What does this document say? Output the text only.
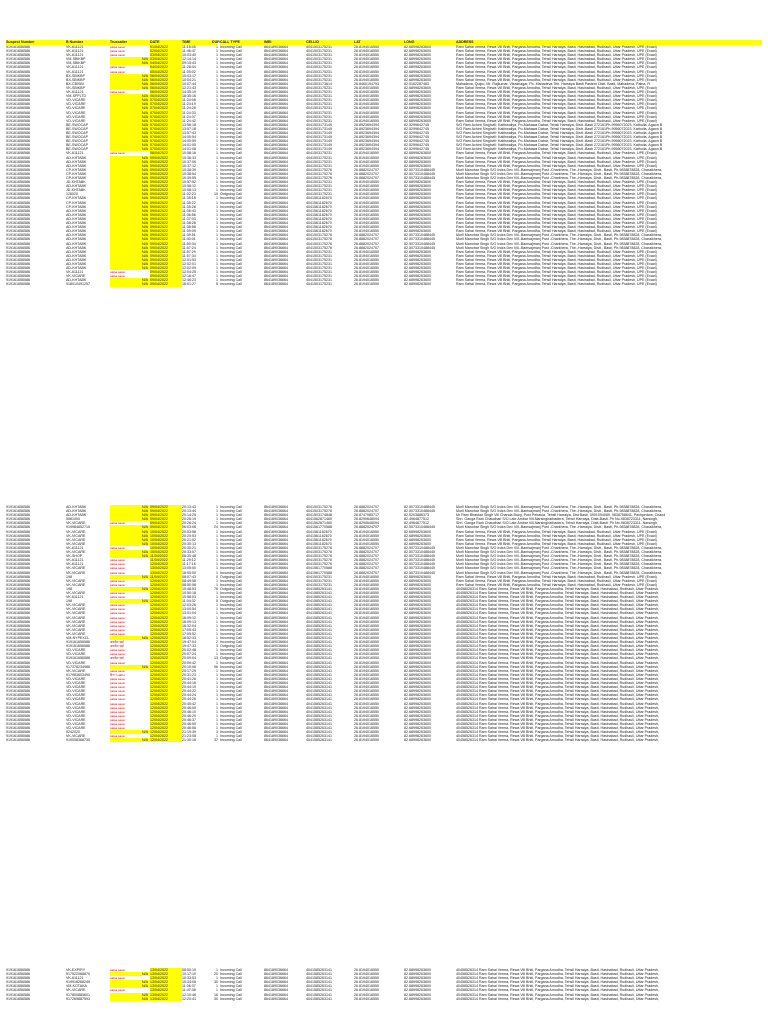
Suspect Number	B Number	Truecaller	DATE	TIME	DUR CALL TYPE	IMEI	CELLID	LAT	LONG	ADDRESS
919161656586	VK-611121	paisa saver	01/04/2022	11:18:05	1 Incoming Call	864189036664	4041503175231	26.8194016550	82.68998263600	Ram Sahai Verma, Rewa Vill Bhiti, Pargana Amodha, Tehsil Harraiya, Basti, Hasinabad, Rudhauli, Uttar Pradesh, UPE (Exact)
919161656586	VK-611121	paisa saver	02/04/2022	11:46:47	1 Incoming Call	864189036664	4041503175231	26.8194016550	82.68998263600	Ram Sahai Verma, Rewa Vill Bhiti, Pargana Amodha, Tehsil Harraiya, Basti, Hasinabad, Rudhauli, Uttar Pradesh, UPE (Exact)
919161656586	VK-611121	paisa saver	03/04/2022	10:03:40	1 Incoming Call	864189036664	4041503175231	26.8194016550	82.68998263600	Ram Sahai Verma, Rewa Vill Bhiti, Pargana Amodha, Tehsil Harraiya, Basti, Hasinabad, Rudhauli, Uttar Pradesh, UPE (Exact)
919161656586	VM-SBIKBP	N/A 03/04/2022	12:14:14	1 Incoming Call	864189036664	4041503175231	26.8194016550	82.68998263600	Ram Sahai Verma, Rewa Vill Bhiti, Pargana Amodha, Tehsil Harraiya, Basti, Hasinabad, Rudhauli, Uttar Pradesh, UPE (Exact)
919161656586	VM-SBIKBP	N/A 04/04/2022	09:15:43	1 Incoming Call	864189036664	4041503175231	26.8194016550	82.68998263600	Ram Sahai Verma, Rewa Vill Bhiti, Pargana Amodha, Tehsil Harraiya, Basti, Hasinabad, Rudhauli, Uttar Pradesh, UPE (Exact)
919161656586	VK-611121	paisa saver	04/04/2022	11:28:44	1 Incoming Call	864189036664	4041503175231	26.8194016550	82.68998263600	Ram Sahai Verma, Rewa Vill Bhiti, Pargana Amodha, Tehsil Harraiya, Basti, Hasinabad, Rudhauli, Uttar Pradesh, UPE (Exact)
919161656586	VK-611121	paisa saver	05/04/2022	11:05:02	1 Incoming Call	864189036664	4041503175231	26.8194016550	82.68998263600	Ram Sahai Verma, Rewa Vill Bhiti, Pargana Amodha, Tehsil Harraiya, Basti, Hasinabad, Rudhauli, Uttar Pradesh, UPE (Exact)
919161656586	BX-SBIKBP	N/A 06/04/2022	10:03:17	1 Incoming Call	864189036664	4041503175231	26.8194016550	82.68998263600	Ram Sahai Verma, Rewa Vill Bhiti, Pargana Amodha, Tehsil Harraiya, Basti, Hasinabad, Rudhauli, Uttar Pradesh, UPE (Exact)
919161656586	BX-SBIKBP	N/A 06/04/2022	10:04:21	1 Incoming Call	864189036664	4041503175231	26.8194016550	82.68998263600	Ram Sahai Verma, Rewa Vill Bhiti, Pargana Amodha, Tehsil Harraiya, Basti, Hasinabad, Rudhauli, Uttar Pradesh, UPE (Exact)
919161656586	BX-CBISBI	N/A 06/04/2022	10:07:44	1 Incoming Call	864189036664	4041503173614	26.8460194793	82.5162287483	Mahadeva, Quipo, Mr. Rajkumar, Vikasnagar, Po. Mahadeva Teh. Harraiya Basti Pastern Distt. Basti, Mahadeva, Patna, R
919161656586	VK-SBIKBP	N/A 06/04/2022	12:21:43	1 Incoming Call	864189036664	4041503175231	26.8194016550	82.68998263600	Ram Sahai Verma, Rewa Vill Bhiti, Pargana Amodha, Tehsil Harraiya, Basti, Hasinabad, Rudhauli, Uttar Pradesh, UPE (Exact)
919161656586	VK-611121	paisa saver	06/04/2022	14:35:19	1 Incoming Call	864189036664	4041503175231	26.8194016550	82.68998263600	Ram Sahai Verma, Rewa Vill Bhiti, Pargana Amodha, Tehsil Harraiya, Basti, Hasinabad, Rudhauli, Uttar Pradesh, UPE (Exact)
919161656586	VM-SFPLTD	N/A 06/04/2022	18:35:16	1 Incoming Call	864189036664	4041503175231	26.8194016550	82.68998263600	Ram Sahai Verma, Rewa Vill Bhiti, Pargana Amodha, Tehsil Harraiya, Basti, Hasinabad, Rudhauli, Uttar Pradesh, UPE (Exact)
919161656586	VD-VICARE	N/A 07/04/2022	11:24:08	1 Incoming Call	864189036664	4041503175231	26.8194016550	82.68998263600	Ram Sahai Verma, Rewa Vill Bhiti, Pargana Amodha, Tehsil Harraiya, Basti, Hasinabad, Rudhauli, Uttar Pradesh, UPE (Exact)
919161656586	VD-VICARE	N/A 07/04/2022	11:24:19	1 Incoming Call	864189036664	4041503175231	26.8194016550	82.68998263600	Ram Sahai Verma, Rewa Vill Bhiti, Pargana Amodha, Tehsil Harraiya, Basti, Hasinabad, Rudhauli, Uttar Pradesh, UPE (Exact)
919161656586	VD-VICARE	N/A 07/04/2022	11:24:28	1 Incoming Call	864189036664	4041503175231	26.8194016550	82.68998263600	Ram Sahai Verma, Rewa Vill Bhiti, Pargana Amodha, Tehsil Harraiya, Basti, Hasinabad, Rudhauli, Uttar Pradesh, UPE (Exact)
919161656586	VD-VICARE	N/A 07/04/2022	11:24:33	1 Incoming Call	864189036664	4041503175231	26.8194016550	82.68998263600	Ram Sahai Verma, Rewa Vill Bhiti, Pargana Amodha, Tehsil Harraiya, Basti, Hasinabad, Rudhauli, Uttar Pradesh, UPE (Exact)
919161656586	VD-VICARE	N/A 07/04/2022	11:24:37	1 Incoming Call	864189036664	4041503175231	26.8194016550	82.68998263600	Ram Sahai Verma, Rewa Vill Bhiti, Pargana Amodha, Tehsil Harraiya, Basti, Hasinabad, Rudhauli, Uttar Pradesh, UPE (Exact)
919161656586	VD-VICARE	N/A 07/04/2022	11:24:42	1 Incoming Call	864189036664	4041503175231	26.8194016550	82.68998263600	Ram Sahai Verma, Rewa Vill Bhiti, Pargana Amodha, Tehsil Harraiya, Basti, Hasinabad, Rudhauli, Uttar Pradesh, UPE (Exact)
919161656586	BE-SWOCAP	N/A 07/04/2022	13:56:18	1 Incoming Call	864189036664	4041503173149	26.8923694394	82.5299642745	S/O Ram Achint Singhvill: Kaithwaliya, Po-Mahawa Dabar, Tehsil Harraiya, Distt.-Basti 272161Ph-9956072023, Kathulia, Agaon B
919161656586	BE-SWOCAP	N/A 07/04/2022	13:57:18	1 Incoming Call	864189036664	4041503173149	26.8923694394	82.5299642745	S/O Ram Achint Singhvill: Kaithwaliya, Po-Mahawa Dabar, Tehsil Harraiya, Distt.-Basti 272161Ph-9956072023, Kathulia, Agaon B
919161656586	BE-SWOCAP	N/A 07/04/2022	13:57:43	1 Incoming Call	864189036664	4041503173149	26.8923694394	82.5299642745	S/O Ram Achint Singhvill: Kaithwaliya, Po-Mahawa Dabar, Tehsil Harraiya, Distt.-Basti 272161Ph-9956072023, Kathulia, Agaon B
919161656586	BE-SWOCAP	N/A 07/04/2022	14:00:54	1 Incoming Call	864189036664	4041503173149	26.8923694394	82.5299642745	S/O Ram Achint Singhvill: Kaithwaliya, Po-Mahawa Dabar, Tehsil Harraiya, Distt.-Basti 272161Ph-9956072023, Kathulia, Agaon B
919161656586	BE-SWOCAP	N/A 07/04/2022	14:00:59	1 Incoming Call	864189036664	4041503173149	26.8923694394	82.5299642745	S/O Ram Achint Singhvill: Kaithwaliya, Po-Mahawa Dabar, Tehsil Harraiya, Distt.-Basti 272161Ph-9956072023, Kathulia, Agaon B
919161656586	BE-SWOCAP	N/A 07/04/2022	14:01:05	1 Incoming Call	864189036664	4041503173149	26.8923694394	82.5299642745	S/O Ram Achint Singhvill: Kaithwaliya, Po-Mahawa Dabar, Tehsil Harraiya, Distt.-Basti 272161Ph-9956072023, Kathulia, Agaon B
919161656586	BE-SWOCAP	N/A 07/04/2022	14:01:08	1 Incoming Call	864189036664	4041503173149	26.8923694394	82.5299642745	S/O Ram Achint Singhvill: Kaithwaliya, Po-Mahawa Dabar, Tehsil Harraiya, Distt.-Basti 272161Ph-9956072023, Kathulia, Agaon B
919161656586	VK-611121	paisa saver	08/04/2022	10:58:16	1 Incoming Call	864189036664	4041503175231	26.8194016550	82.68998263600	Ram Sahai Verma, Rewa Vill Bhiti, Pargana Amodha, Tehsil Harraiya, Basti, Hasinabad, Rudhauli, Uttar Pradesh, UPE (Exact)
919161656586	AD-KHTABK	N/A 09/04/2022	10:36:33	1 Incoming Call	864189036664	4041503175231	26.8194016550	82.68998263600	Ram Sahai Verma, Rewa Vill Bhiti, Pargana Amodha, Tehsil Harraiya, Basti, Hasinabad, Rudhauli, Uttar Pradesh, UPE (Exact)
919161656586	AD-KHTABK	N/A 09/04/2022	10:37:06	1 Incoming Call	864189036664	4041503175231	26.8194016550	82.68998263600	Ram Sahai Verma, Rewa Vill Bhiti, Pargana Amodha, Tehsil Harraiya, Basti, Hasinabad, Rudhauli, Uttar Pradesh, UPE (Exact)
919161656586	AD-KHTABK	N/A 09/04/2022	10:37:12	1 Incoming Call	864189036664	4041503175231	26.8194016550	82.68998263600	Ram Sahai Verma, Rewa Vill Bhiti, Pargana Amodha, Tehsil Harraiya, Basti, Hasinabad, Rudhauli, Uttar Pradesh, UPE (Exact)
919161656586	CP-KHTABK	N/A 09/04/2022	10:38:39	1 Incoming Call	864189036664	4041503175276	26.8882024707	82.5073310488445	Murli Manohar Singh S/O Indra Dev Vill.-Bamsajmanj Post -Charkhera, The.-Harraiya, Distt., Basti, Ph-9838878828, Charaikhera,
919161656586	CP-KHTABK	N/A 09/04/2022	10:38:54	1 Incoming Call	864189036664	4041503175276	26.8882024707	82.5073310488445	Murli Manohar Singh S/O Indra Dev Vill.-Bamsajmanj Post -Charkhera, The.-Harraiya, Distt., Basti, Ph-9838878828, Charaikhera,
919161656586	CP-KHTABK	N/A 09/04/2022	10:39:55	1 Incoming Call	864189036664	4041503175276	26.8882024707	82.5073310488445	Murli Manohar Singh S/O Indra Dev Vill.-Bamsajmanj Post -Charkhera, The.-Harraiya, Distt., Basti, Ph-9838878828, Charaikhera,
919161656586	JD-KHTABK	N/A 09/04/2022	10:57:52	1 Incoming Call	864189036664	4041503175231	26.8194016550	82.68998263600	Ram Sahai Verma, Rewa Vill Bhiti, Pargana Amodha, Tehsil Harraiya, Basti, Hasinabad, Rudhauli, Uttar Pradesh, UPE (Exact)
919161656586	AD-KHTABK	N/A 09/04/2022	10:58:12	1 Incoming Call	864189036664	4041503175231	26.8194016550	82.68998263600	Ram Sahai Verma, Rewa Vill Bhiti, Pargana Amodha, Tehsil Harraiya, Basti, Hasinabad, Rudhauli, Uttar Pradesh, UPE (Exact)
919161656586	JD-KHTABK	N/A 09/04/2022	10:58:13	1 Incoming Call	864189036664	4041503175231	26.8194016550	82.68998263600	Ram Sahai Verma, Rewa Vill Bhiti, Pargana Amodha, Tehsil Harraiya, Basti, Hasinabad, Rudhauli, Uttar Pradesh, UPE (Exact)
919161656586	126020	N/A 09/04/2022	11:02:23	10 Outgoing Call	864189036664	4041503175231	26.8194016550	82.68998263600	Ram Sahai Verma, Rewa Vill Bhiti, Pargana Amodha, Tehsil Harraiya, Basti, Hasinabad, Rudhauli, Uttar Pradesh, UPE (Exact)
919161656586	CP-KHTABK	N/A 09/04/2022	11:35:18	1 Incoming Call	864189036664	4041561182670	26.8194016550	82.68998263600	Ram Sahai Verma, Rewa Vill Bhiti, Pargana Amodha, Tehsil Harraiya, Basti, Hasinabad, Rudhauli, Uttar Pradesh, UPE (Exact)
919161656586	CP-KHTABK	N/A 09/04/2022	11:35:22	1 Incoming Call	864189036664	4041561182670	26.8194016550	82.68998263600	Ram Sahai Verma, Rewa Vill Bhiti, Pargana Amodha, Tehsil Harraiya, Basti, Hasinabad, Rudhauli, Uttar Pradesh, UPE (Exact)
919161656586	CP-KHTABK	N/A 09/04/2022	11:35:28	1 Incoming Call	864189036664	4041561182670	26.8194016550	82.68998263600	Ram Sahai Verma, Rewa Vill Bhiti, Pargana Amodha, Tehsil Harraiya, Basti, Hasinabad, Rudhauli, Uttar Pradesh, UPE (Exact)
919161656586	AD-KHTABK	N/A 09/04/2022	11:36:43	1 Incoming Call	864189036664	4041561182670	26.8194016550	82.68998263600	Ram Sahai Verma, Rewa Vill Bhiti, Pargana Amodha, Tehsil Harraiya, Basti, Hasinabad, Rudhauli, Uttar Pradesh, UPE (Exact)
919161656586	AD-KHTABK	N/A 09/04/2022	11:36:56	1 Incoming Call	864189036664	4041561182670	26.8194016550	82.68998263600	Ram Sahai Verma, Rewa Vill Bhiti, Pargana Amodha, Tehsil Harraiya, Basti, Hasinabad, Rudhauli, Uttar Pradesh, UPE (Exact)
919161656586	AD-KHTABK	N/A 09/04/2022	11:37:03	1 Incoming Call	864189036664	4041561182670	26.8194016550	82.68998263600	Ram Sahai Verma, Rewa Vill Bhiti, Pargana Amodha, Tehsil Harraiya, Basti, Hasinabad, Rudhauli, Uttar Pradesh, UPE (Exact)
919161656586	AD-KHTABK	N/A 09/04/2022	11:38:28	1 Incoming Call	864189036664	4041561182670	26.8194016550	82.68998263600	Ram Sahai Verma, Rewa Vill Bhiti, Pargana Amodha, Tehsil Harraiya, Basti, Hasinabad, Rudhauli, Uttar Pradesh, UPE (Exact)
919161656586	AD-KHTABK	N/A 09/04/2022	11:38:58	1 Incoming Call	864189036664	4041561182670	26.8194016550	82.68998263600	Ram Sahai Verma, Rewa Vill Bhiti, Pargana Amodha, Tehsil Harraiya, Basti, Hasinabad, Rudhauli, Uttar Pradesh, UPE (Exact)
919161656586	AD-KHTABK	N/A 09/04/2022	11:39:09	1 Incoming Call	864189036664	4041561182670	26.8194016550	82.68998263600	Ram Sahai Verma, Rewa Vill Bhiti, Pargana Amodha, Tehsil Harraiya, Basti, Hasinabad, Rudhauli, Uttar Pradesh, UPE (Exact)
919161656586	AD-KHTABK	N/A 09/04/2022	11:39:51	1 Incoming Call	864189036664	4041503175276	26.8882024707	82.5073310488445	Murli Manohar Singh S/O Indra Dev Vill.-Bamsajmanj Post -Charkhera, The.-Harraiya, Distt., Basti, Ph-9838878828, Charaikhera,
919161656586	AD-KHTABK	N/A 09/04/2022	11:40:01	1 Incoming Call	864189036664	4041503175276	26.8882024707	82.5073310488445	Murli Manohar Singh S/O Indra Dev Vill.-Bamsajmanj Post -Charkhera, The.-Harraiya, Distt., Basti, Ph-9838878828, Charaikhera,
919161656586	AD-KHTABK	N/A 09/04/2022	11:50:34	1 Incoming Call	864189036664	4041503175276	26.8882024707	82.5073310488445	Murli Manohar Singh S/O Indra Dev Vill.-Bamsajmanj Post -Charkhera, The.-Harraiya, Distt., Basti, Ph-9838878828, Charaikhera,
919161656586	AD-KHTABK	N/A 09/04/2022	11:57:24	1 Incoming Call	864189036664	4041503175276	26.8882024707	82.5073310488445	Murli Manohar Singh S/O Indra Dev Vill.-Bamsajmanj Post -Charkhera, The.-Harraiya, Distt., Basti, Ph-9838878828, Charaikhera,
919161656586	AD-KHTABK	N/A 09/04/2022	11:57:29	1 Incoming Call	864189036664	4041503175231	26.8194016550	82.68998263600	Ram Sahai Verma, Rewa Vill Bhiti, Pargana Amodha, Tehsil Harraiya, Basti, Hasinabad, Rudhauli, Uttar Pradesh, UPE (Exact)
919161656586	AD-KHTABK	N/A 09/04/2022	11:57:34	1 Incoming Call	864189036664	4041503175231	26.8194016550	82.68998263600	Ram Sahai Verma, Rewa Vill Bhiti, Pargana Amodha, Tehsil Harraiya, Basti, Hasinabad, Rudhauli, Uttar Pradesh, UPE (Exact)
919161656586	AD-KHTABK	N/A 09/04/2022	12:01:53	1 Incoming Call	864189036664	4041503175231	26.8194016550	82.68998263600	Ram Sahai Verma, Rewa Vill Bhiti, Pargana Amodha, Tehsil Harraiya, Basti, Hasinabad, Rudhauli, Uttar Pradesh, UPE (Exact)
919161656586	AD-KHTABK	N/A 09/04/2022	12:02:01	1 Incoming Call	864189036664	4041503175231	26.8194016550	82.68998263600	Ram Sahai Verma, Rewa Vill Bhiti, Pargana Amodha, Tehsil Harraiya, Basti, Hasinabad, Rudhauli, Uttar Pradesh, UPE (Exact)
919161656586	AD-KHTABK	N/A 09/04/2022	12:02:09	1 Incoming Call	864189036664	4041503175231	26.8194016550	82.68998263600	Ram Sahai Verma, Rewa Vill Bhiti, Pargana Amodha, Tehsil Harraiya, Basti, Hasinabad, Rudhauli, Uttar Pradesh, UPE (Exact)
919161656586	VK-611121	paisa saver	09/04/2022	12:04:25	1 Incoming Call	864189036664	4041503175231	26.8194016550	82.68998263600	Ram Sahai Verma, Rewa Vill Bhiti, Pargana Amodha, Tehsil Harraiya, Basti, Hasinabad, Rudhauli, Uttar Pradesh, UPE (Exact)
919161656586	VK-VICARE	paisa saver	09/04/2022	12:16:47	1 Incoming Call	864189036664	4041503175231	26.8194016550	82.68998263600	Ram Sahai Verma, Rewa Vill Bhiti, Pargana Amodha, Tehsil Harraiya, Basti, Hasinabad, Rudhauli, Uttar Pradesh, UPE (Exact)
919161656586	AD-KHTABK	N/A 09/04/2022	12:46:23	1 Incoming Call	864189036664	4041503175231	26.8194016550	82.68998263600	Ram Sahai Verma, Rewa Vill Bhiti, Pargana Amodha, Tehsil Harraiya, Basti, Hasinabad, Rudhauli, Uttar Pradesh, UPE (Exact)
919161656586	918010491257	N/A 09/04/2022	16:01:27	5 Incoming Call	864189036664	4041503175231	26.8194016550	82.68998263600	Ram Sahai Verma, Rewa Vill Bhiti, Pargana Amodha, Tehsil Harraiya, Basti, Hasinabad, Rudhauli, Uttar Pradesh, UPE (Exact)
919161656586	AD-KHTABK	N/A 09/04/2022	20:13:43	1 Incoming Call	864189036664	4041503175276	26.8882024707	82.5073310488445	Murli Manohar Singh S/O Indra Dev Vill.-Bamsajmanj Post -Charkhera, The.-Harraiya, Distt., Basti, Ph-9838878828, Charaikhera,
919161656586	AD-KHTABK	N/A 09/04/2022	20:13:44	1 Incoming Call	864189036664	4041503175276	26.8882024707	82.5073310488445	Murli Manohar Singh S/O Indra Dev Vill.-Bamsajmanj Post -Charkhera, The.-Harraiya, Distt., Basti, Ph-9838878828, Charaikhera,
919161656586	AD-KHTABK	N/A 09/04/2022	20:14:25	1 Incoming Call	864189036664	4041503174848	26.8747085717	82.5203886373	Mr Ram Bhaskar Singh Vill Chanda Buzg, Post Pehaula, Tehsil Harraiya, Dist Basti, 0901094089, 9838758641, Pachpedwa, Chand
919161656586	5581000	N/A 09/04/2022	20:26:19	1 Incoming Call	864189036664	4041562871460	26.8290648094	82.4964877512	Shri. Ganga Ram Chaudhari S/O Late Ambar Vill-Narsingharbadera, Tehsil Harraiya, Distt-Basti. Ph No-9838723311, Narsingh,
919161656586	VK-VICARE	paisa saver	09/04/2022	20:26:24	1 Incoming Call	864189036664	4041562871460	26.8290648094	82.4964877512	Shri. Ganga Ram Chaudhari S/O Late Ambar Vill-Narsingharbadera, Tehsil Harraiya, Distt-Basti. Ph No-9838723311, Narsingh,
919161656586	919984852715	N/A 09/04/2022	06:03:06	24 Incoming Call	864189036664	4041561770588	26.8882024707	82.5073310488445	Murli Manohar Singh S/O Indra Dev Vill.-Bamsajmanj Post -Charkhera, The.-Harraiya, Distt., Basti, Ph-9838878828, Charaikhera,
919161656586	VK-VICARE	N/A 10/04/2022	20:03:58	1 Incoming Call	864189036664	4041561182670	26.8194016550	82.68998263600	Ram Sahai Verma, Rewa Vill Bhiti, Pargana Amodha, Tehsil Harraiya, Basti, Hasinabad, Rudhauli, Uttar Pradesh, UPE (Exact)
919161656586	VK-VICARE	N/A 10/04/2022	20:20:53	1 Incoming Call	864189036664	4041561182670	26.8194016550	82.68998263600	Ram Sahai Verma, Rewa Vill Bhiti, Pargana Amodha, Tehsil Harraiya, Basti, Hasinabad, Rudhauli, Uttar Pradesh, UPE (Exact)
919161656586	VK-VICARE	N/A 10/04/2022	20:21:02	1 Incoming Call	864189036664	4041561182670	26.8194016550	82.68998263600	Ram Sahai Verma, Rewa Vill Bhiti, Pargana Amodha, Tehsil Harraiya, Basti, Hasinabad, Rudhauli, Uttar Pradesh, UPE (Exact)
919161656586	VK-VICARE	N/A 10/04/2022	20:30:13	1 Incoming Call	864189036664	4041561182670	26.8194016550	82.68998263600	Ram Sahai Verma, Rewa Vill Bhiti, Pargana Amodha, Tehsil Harraiya, Basti, Hasinabad, Rudhauli, Uttar Pradesh, UPE (Exact)
919161656586	VK-611121	paisa saver	10/04/2022	20:30:21	1 Incoming Call	864189036664	4041503175276	26.8882024707	82.5073310488445	Murli Manohar Singh S/O Indra Dev Vill.-Bamsajmanj Post -Charkhera, The.-Harraiya, Distt., Basti, Ph-9838878828, Charaikhera,
919161656586	VK-VICARE	N/A 10/04/2022	20:33:07	1 Incoming Call	864189036664	4041503175276	26.8882024707	82.5073310488445	Murli Manohar Singh S/O Indra Dev Vill.-Bamsajmanj Post -Charkhera, The.-Harraiya, Distt., Basti, Ph-9838878828, Charaikhera,
919161656586	VK-SHOP	N/A 11/04/2022	08:30:48	1 Incoming Call	864189036664	4041503175276	26.8882024707	82.5073310488445	Murli Manohar Singh S/O Indra Dev Vill.-Bamsajmanj Post -Charkhera, The.-Harraiya, Distt., Basti, Ph-9838878828, Charaikhera,
919161656586	VK-611121	paisa saver	11/04/2022	11:29:12	1 Incoming Call	864189036664	4041503175276	26.8882024707	82.5073310488445	Murli Manohar Singh S/O Indra Dev Vill.-Bamsajmanj Post -Charkhera, The.-Harraiya, Distt., Basti, Ph-9838878828, Charaikhera,
919161656586	VK-611121	paisa saver	12/04/2022	11:17:16	1 Incoming Call	864189036664	4041503175276	26.8882024707	82.5073310488445	Murli Manohar Singh S/O Indra Dev Vill.-Bamsajmanj Post -Charkhera, The.-Harraiya, Distt., Basti, Ph-9838878828, Charaikhera,
919161656586	VK-VICARE	paisa saver	13/04/2022	13:05:00	1 Incoming Call	864189036664	4041561770588	26.8882024707	82.5073310488445	Murli Manohar Singh S/O Indra Dev Vill.-Bamsajmanj Post -Charkhera, The.-Harraiya, Distt., Basti, Ph-9838878828, Charaikhera,
919161656586	VK-VICARE	paisa saver	13/04/2022	16:05:00	1 Incoming Call	864189036664	4041561770588	26.8882024707	82.5073310488445	Murli Manohar Singh S/O Indra Dev Vill.-Bamsajmanj Post -Charkhera, The.-Harraiya, Distt., Basti, Ph-9838878828, Charaikhera,
919161656586	198	N/A 11/04/2022	08:07:43	0 Outgoing Call	864189036664	4041503175231	26.8194016550	82.68998263600	Ram Sahai Verma, Rewa Vill Bhiti, Pargana Amodha, Tehsil Harraiya, Basti, Hasinabad, Rudhauli, Uttar Pradesh, UPE (Exact)
919161656586	VK-VICARE	paisa saver	12/04/2022	08:49:58	1 Incoming Call	864189036664	4041503175231	26.8194016550	82.68998263600	Ram Sahai Verma, Rewa Vill Bhiti, Pargana Amodha, Tehsil Harraiya, Basti, Hasinabad, Rudhauli, Uttar Pradesh, UPE (Exact)
919161656586	VK-VICARE	paisa saver	12/04/2022	08:50:58	1 Incoming Call	864189036664	4041503175231	26.8194016550	82.68998263600	Ram Sahai Verma, Rewa Vill Bhiti, Pargana Amodha, Tehsil Harraiya, Basti, Hasinabad, Rudhauli, Uttar Pradesh, UPE (Exact)
919161656586	198	N/A 12/04/2022	10:48:53	76 Outgoing Call	864189036664	4041585263141	26.8194016550	82.68998263600	40458526314 Ram Sahai Verma, Rewa Vill Bhiti, Pargana Amodha, Tehsil Harraiya, Basti, Hasinabad, Rudhauli, Uttar Pradesh,
919161656586	VK-VICARE	paisa saver	12/04/2022	10:50:18	1 Incoming Call	864189036664	4041585263141	26.8194016550	82.68998263600	40458526314 Ram Sahai Verma, Rewa Vill Bhiti, Pargana Amodha, Tehsil Harraiya, Basti, Hasinabad, Rudhauli, Uttar Pradesh,
919161656586	VK-611121	paisa saver	12/04/2022	10:58:03	1 Incoming Call	864189036664	4041585263141	26.8194016550	82.68998263600	40458526314 Ram Sahai Verma, Rewa Vill Bhiti, Pargana Amodha, Tehsil Harraiya, Basti, Hasinabad, Rudhauli, Uttar Pradesh,
919161656586	198	N/A 12/04/2022	11:04:32	5 Outgoing Call	864189036664	4041585263141	26.8194016550	82.68998263600	40458526314 Ram Sahai Verma, Rewa Vill Bhiti, Pargana Amodha, Tehsil Harraiya, Basti, Hasinabad, Rudhauli, Uttar Pradesh,
919161656586	VK-VICARE	paisa saver	12/04/2022	12:03:26	1 Incoming Call	864189036664	4041585263141	26.8194016550	82.68998263600	40458526314 Ram Sahai Verma, Rewa Vill Bhiti, Pargana Amodha, Tehsil Harraiya, Basti, Hasinabad, Rudhauli, Uttar Pradesh,
919161656586	VK-VICARE	paisa saver	12/04/2022	13:00:54	1 Incoming Call	864189036664	4041585263141	26.8194016550	82.68998263600	40458526314 Ram Sahai Verma, Rewa Vill Bhiti, Pargana Amodha, Tehsil Harraiya, Basti, Hasinabad, Rudhauli, Uttar Pradesh,
919161656586	VK-VICARE	paisa saver	12/04/2022	13:01:04	1 Incoming Call	864189036664	4041585263141	26.8194016550	82.68998263600	40458526314 Ram Sahai Verma, Rewa Vill Bhiti, Pargana Amodha, Tehsil Harraiya, Basti, Hasinabad, Rudhauli, Uttar Pradesh,
919161656586	VK-VICARE	paisa saver	12/04/2022	16:09:12	1 Incoming Call	864189036664	4041585263141	26.8194016550	82.68998263600	40458526314 Ram Sahai Verma, Rewa Vill Bhiti, Pargana Amodha, Tehsil Harraiya, Basti, Hasinabad, Rudhauli, Uttar Pradesh,
919161656586	VK-VICARE	paisa saver	12/04/2022	16:09:13	1 Incoming Call	864189036664	4041585263141	26.8194016550	82.68998263600	40458526314 Ram Sahai Verma, Rewa Vill Bhiti, Pargana Amodha, Tehsil Harraiya, Basti, Hasinabad, Rudhauli, Uttar Pradesh,
919161656586	VK-VICARE	paisa saver	12/04/2022	16:32:04	1 Incoming Call	864189036664	4041585263141	26.8194016550	82.68998263600	40458526314 Ram Sahai Verma, Rewa Vill Bhiti, Pargana Amodha, Tehsil Harraiya, Basti, Hasinabad, Rudhauli, Uttar Pradesh,
919161656586	VK-VICARE	paisa saver	12/04/2022	17:05:43	1 Incoming Call	864189036664	4041585263141	26.8194016550	82.68998263600	40458526314 Ram Sahai Verma, Rewa Vill Bhiti, Pargana Amodha, Tehsil Harraiya, Basti, Hasinabad, Rudhauli, Uttar Pradesh,
919161656586	VK-VICARE	paisa saver	12/04/2022	17:05:52	1 Incoming Call	864189036664	4041585263141	26.8194016550	82.68998263600	40458526314 Ram Sahai Verma, Rewa Vill Bhiti, Pargana Amodha, Tehsil Harraiya, Basti, Hasinabad, Rudhauli, Uttar Pradesh,
919161656586	VM-NYPEXCL	N/A 12/04/2022	18:52:33	1 Incoming Call	864189036664	4041585263141	26.8194016550	82.68998263600	40458526314 Ram Sahai Verma, Rewa Vill Bhiti, Pargana Amodha, Tehsil Harraiya, Basti, Hasinabad, Rudhauli, Uttar Pradesh,
919161656586	919161656586	अवनीश भाई	12/04/2022	19:47:04	2 Incoming Call	864189036664	4041585263141	26.8194016550	82.68998263600	40458526314 Ram Sahai Verma, Rewa Vill Bhiti, Pargana Amodha, Tehsil Harraiya, Basti, Hasinabad, Rudhauli, Uttar Pradesh,
919161656586	919161656586	अवनीश भाई	12/04/2022	19:47:33	3 Outgoing Call	864189036664	4041585263141	26.8194016550	82.68998263600	40458526314 Ram Sahai Verma, Rewa Vill Bhiti, Pargana Amodha, Tehsil Harraiya, Basti, Hasinabad, Rudhauli, Uttar Pradesh,
919161656586	VD-VICARE	paisa saver	12/04/2022	20:02:48	1 Incoming Call	864189036664	4041585263141	26.8194016550	82.68998263600	40458526314 Ram Sahai Verma, Rewa Vill Bhiti, Pargana Amodha, Tehsil Harraiya, Basti, Hasinabad, Rudhauli, Uttar Pradesh,
919161656586	VD-VICARE	paisa saver	12/04/2022	20:07:24	1 Incoming Call	864189036664	4041585263141	26.8194016550	82.68998263600	40458526314 Ram Sahai Verma, Rewa Vill Bhiti, Pargana Amodha, Tehsil Harraiya, Basti, Hasinabad, Rudhauli, Uttar Pradesh,
919161656586	919161656586	अवनीश भाई	12/04/2022	20:09:04	13 Outgoing Call	864189036664	4041585263141	26.8194016550	82.68998263600	40458526314 Ram Sahai Verma, Rewa Vill Bhiti, Pargana Amodha, Tehsil Harraiya, Basti, Hasinabad, Rudhauli, Uttar Pradesh,
919161656586	VD-VICARE	paisa saver	12/04/2022	20:09:42	1 Incoming Call	864189036664	4041585263141	26.8194016550	82.68998263600	40458526314 Ram Sahai Verma, Rewa Vill Bhiti, Pargana Amodha, Tehsil Harraiya, Basti, Hasinabad, Rudhauli, Uttar Pradesh,
919161656586	917376234986	N/A 12/04/2022	20:10:06	96 Incoming Call	864189036664	4041585263141	26.8194016550	82.68998263600	40458526314 Ram Sahai Verma, Rewa Vill Bhiti, Pargana Amodha, Tehsil Harraiya, Basti, Hasinabad, Rudhauli, Uttar Pradesh,
919161656586	VK-VICARE	paisa saver	12/04/2022	20:17:29	1 Incoming Call	864189036664	4041585263141	26.8194016550	82.68998263600	40458526314 Ram Sahai Verma, Rewa Vill Bhiti, Pargana Amodha, Tehsil Harraiya, Basti, Hasinabad, Rudhauli, Uttar Pradesh,
919161656586	917983603490	दि?? Lakhu	12/04/2022	20:31:23	1 Incoming Call	864189036664	4041585263141	26.8194016550	82.68998263600	40458526314 Ram Sahai Verma, Rewa Vill Bhiti, Pargana Amodha, Tehsil Harraiya, Basti, Hasinabad, Rudhauli, Uttar Pradesh,
919161656586	VD-VICARE	paisa saver	12/04/2022	20:41:26	1 Incoming Call	864189036664	4041585263141	26.8194016550	82.68998263600	40458526314 Ram Sahai Verma, Rewa Vill Bhiti, Pargana Amodha, Tehsil Harraiya, Basti, Hasinabad, Rudhauli, Uttar Pradesh,
919161656586	VD-VICARE	paisa saver	12/04/2022	20:44:16	1 Incoming Call	864189036664	4041585263141	26.8194016550	82.68998263600	40458526314 Ram Sahai Verma, Rewa Vill Bhiti, Pargana Amodha, Tehsil Harraiya, Basti, Hasinabad, Rudhauli, Uttar Pradesh,
919161656586	VD-VICARE	paisa saver	12/04/2022	20:44:19	1 Incoming Call	864189036664	4041585263141	26.8194016550	82.68998263600	40458526314 Ram Sahai Verma, Rewa Vill Bhiti, Pargana Amodha, Tehsil Harraiya, Basti, Hasinabad, Rudhauli, Uttar Pradesh,
919161656586	VD-VICARE	paisa saver	12/04/2022	20:44:22	1 Incoming Call	864189036664	4041585263141	26.8194016550	82.68998263600	40458526314 Ram Sahai Verma, Rewa Vill Bhiti, Pargana Amodha, Tehsil Harraiya, Basti, Hasinabad, Rudhauli, Uttar Pradesh,
919161656586	VD-VICARE	paisa saver	12/04/2022	20:44:24	1 Incoming Call	864189036664	4041585263141	26.8194016550	82.68998263600	40458526314 Ram Sahai Verma, Rewa Vill Bhiti, Pargana Amodha, Tehsil Harraiya, Basti, Hasinabad, Rudhauli, Uttar Pradesh,
919161656586	VD-VICARE	paisa saver	12/04/2022	20:44:26	1 Incoming Call	864189036664	4041585263141	26.8194016550	82.68998263600	40458526314 Ram Sahai Verma, Rewa Vill Bhiti, Pargana Amodha, Tehsil Harraiya, Basti, Hasinabad, Rudhauli, Uttar Pradesh,
919161656586	VD-VICARE	paisa saver	12/04/2022	20:45:42	1 Incoming Call	864189036664	4041585263141	26.8194016550	82.68998263600	40458526314 Ram Sahai Verma, Rewa Vill Bhiti, Pargana Amodha, Tehsil Harraiya, Basti, Hasinabad, Rudhauli, Uttar Pradesh,
919161656586	VD-VICARE	paisa saver	12/04/2022	20:46:00	1 Incoming Call	864189036664	4041585263141	26.8194016550	82.68998263600	40458526314 Ram Sahai Verma, Rewa Vill Bhiti, Pargana Amodha, Tehsil Harraiya, Basti, Hasinabad, Rudhauli, Uttar Pradesh,
919161656586	VD-VICARE	paisa saver	12/04/2022	20:46:10	1 Incoming Call	864189036664	4041585263141	26.8194016550	82.68998263600	40458526314 Ram Sahai Verma, Rewa Vill Bhiti, Pargana Amodha, Tehsil Harraiya, Basti, Hasinabad, Rudhauli, Uttar Pradesh,
919161656586	VD-VICARE	paisa saver	12/04/2022	20:46:20	1 Incoming Call	864189036664	4041585263141	26.8194016550	82.68998263600	40458526314 Ram Sahai Verma, Rewa Vill Bhiti, Pargana Amodha, Tehsil Harraiya, Basti, Hasinabad, Rudhauli, Uttar Pradesh,
919161656586	VD-VICARE	paisa saver	12/04/2022	20:46:37	1 Incoming Call	864189036664	4041585263141	26.8194016550	82.68998263600	40458526314 Ram Sahai Verma, Rewa Vill Bhiti, Pargana Amodha, Tehsil Harraiya, Basti, Hasinabad, Rudhauli, Uttar Pradesh,
919161656586	VD-VICARE	paisa saver	12/04/2022	20:46:50	1 Incoming Call	864189036664	4041585263141	26.8194016550	82.68998263600	40458526314 Ram Sahai Verma, Rewa Vill Bhiti, Pargana Amodha, Tehsil Harraiya, Basti, Hasinabad, Rudhauli, Uttar Pradesh,
919161656586	VD-VICARE	paisa saver	12/04/2022	20:46:56	1 Incoming Call	864189036664	4041585263141	26.8194016550	82.68998263600	40458526314 Ram Sahai Verma, Rewa Vill Bhiti, Pargana Amodha, Tehsil Harraiya, Basti, Hasinabad, Rudhauli, Uttar Pradesh,
919161656586	5242020	N/A 12/04/2022	21:19:39	3 Incoming Call	864189036664	4041585263141	26.8194016550	82.68998263600	40458526314 Ram Sahai Verma, Rewa Vill Bhiti, Pargana Amodha, Tehsil Harraiya, Basti, Hasinabad, Rudhauli, Uttar Pradesh,
919161656586	VK-VICARE	paisa saver	12/04/2022	21:23:08	1 Incoming Call	864189036664	4041585263141	26.8194016550	82.68998263600	40458526314 Ram Sahai Verma, Rewa Vill Bhiti, Pargana Amodha, Tehsil Harraiya, Basti, Hasinabad, Rudhauli, Uttar Pradesh,
919161656586	919058368730	N/A 12/04/2022	21:30:16	37 Incoming Call	864189036664	4041585263141	26.8194016550	82.68998263600	40458526314 Ram Sahai Verma, Rewa Vill Bhiti, Pargana Amodha, Tehsil Harraiya, Basti, Hasinabad, Rudhauli, Uttar Pradesh,
919161656586	VK-EXPIRY	paisa saver	13/04/2022	08:50:19	1 Incoming Call	864189036664	4041585263141	26.8194016550	82.68998263600	40458526314 Ram Sahai Verma, Rewa Vill Bhiti, Pargana Amodha, Tehsil Harraiya, Basti, Hasinabad, Rudhauli, Uttar Pradesh,
919161656586	917522068870	N/A 13/04/2022	10:17:10	20 Incoming Call	864189036664	4041585263141	26.8194016550	82.68998263600	40458526314 Ram Sahai Verma, Rewa Vill Bhiti, Pargana Amodha, Tehsil Harraiya, Basti, Hasinabad, Rudhauli, Uttar Pradesh,
919161656586	VK-611121	paisa saver	13/04/2022	10:33:53	1 Incoming Call	864189036664	4041585263141	26.8194016550	82.68998263600	40458526314 Ram Sahai Verma, Rewa Vill Bhiti, Pargana Amodha, Tehsil Harraiya, Basti, Hasinabad, Rudhauli, Uttar Pradesh,
919161656586	919918268249	N/A 13/04/2022	10:34:06	30 Incoming Call	864189036664	4041585263141	26.8194016550	82.68998263600	40458526314 Ram Sahai Verma, Rewa Vill Bhiti, Pargana Amodha, Tehsil Harraiya, Basti, Hasinabad, Rudhauli, Uttar Pradesh,
919161656586	VM-KOTAKA	N/A 13/04/2022	11:06:37	1 Incoming Call	864189036664	4041585263141	26.8194016550	82.68998263600	40458526314 Ram Sahai Verma, Rewa Vill Bhiti, Pargana Amodha, Tehsil Harraiya, Basti, Hasinabad, Rudhauli, Uttar Pradesh,
919161656586	VK-VICARE	paisa saver	13/04/2022	11:47:38	1 Incoming Call	864189036664	4041585263141	26.8194016550	82.68998263600	40458526314 Ram Sahai Verma, Rewa Vill Bhiti, Pargana Amodha, Tehsil Harraiya, Basti, Hasinabad, Rudhauli, Uttar Pradesh,
919161656586	917800885601	N/A 13/04/2022	12:10:46	16 Incoming Call	864189036664	4041585263141	26.8194016550	82.68998263600	40458526314 Ram Sahai Verma, Rewa Vill Bhiti, Pargana Amodha, Tehsil Harraiya, Basti, Hasinabad, Rudhauli, Uttar Pradesh,
919161656586	917269887593	N/A 13/04/2022	12:20:41	30 Incoming Call	864189036664	4041585263141	26.8194016550	82.68998263600	40458526314 Ram Sahai Verma, Rewa Vill Bhiti, Pargana Amodha, Tehsil Harraiya, Basti, Hasinabad, Rudhauli, Uttar Pradesh,
